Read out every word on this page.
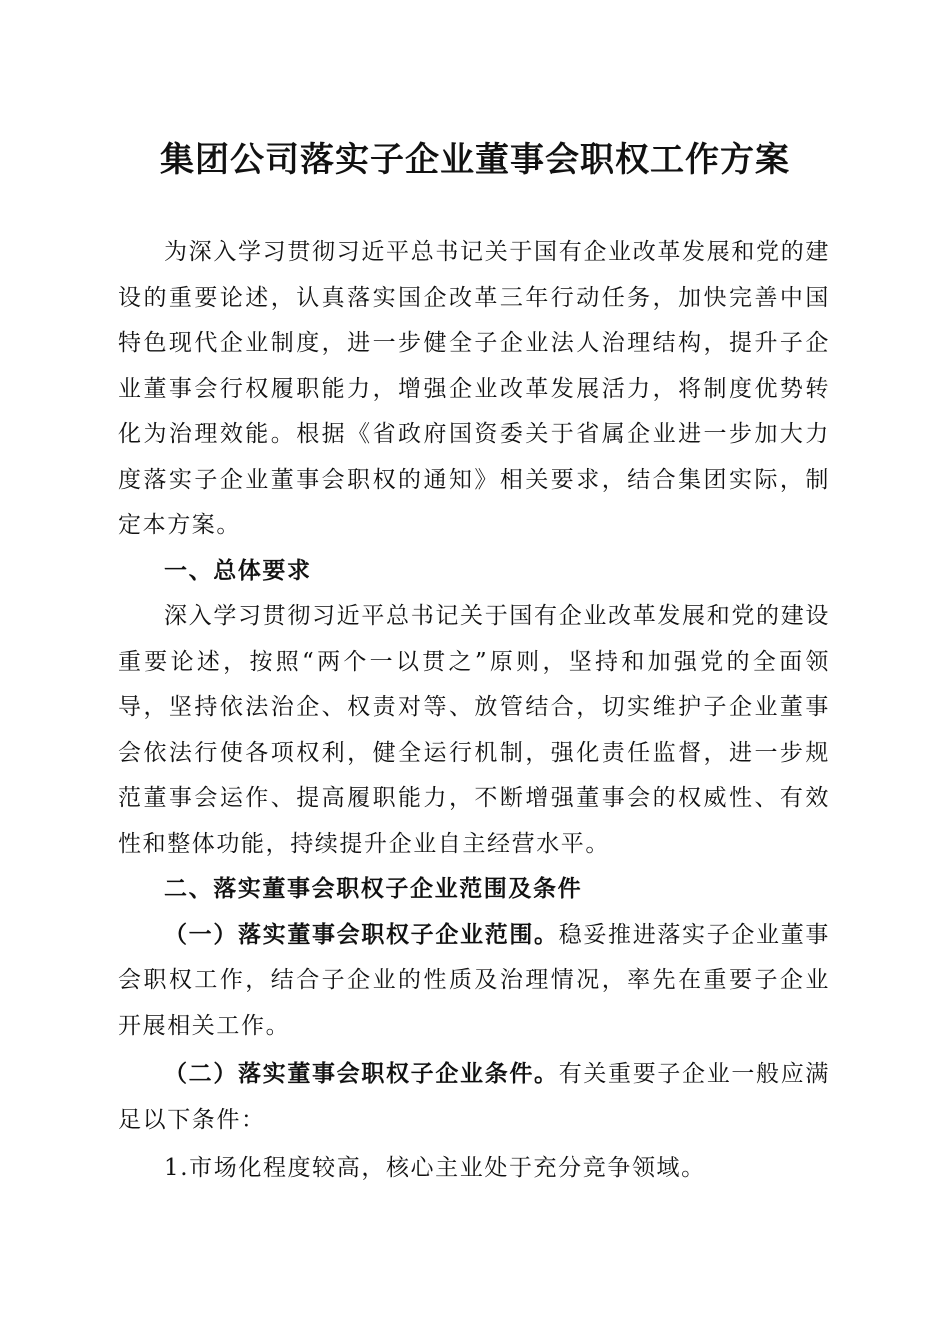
集团公司落实子企业董事会职权工作方案

为深入学习贯彻习近平总书记关于国有企业改革发展和党的建设的重要论述，认真落实国企改革三年行动任务，加快完善中国特色现代企业制度，进一步健全子企业法人治理结构，提升子企业董事会行权履职能力，增强企业改革发展活力，将制度优势转化为治理效能。根据《省政府国资委关于省属企业进一步加大力度落实子企业董事会职权的通知》相关要求，结合集团实际，制定本方案。

一、总体要求

深入学习贯彻习近平总书记关于国有企业改革发展和党的建设重要论述，按照“两个一以贯之”原则，坚持和加强党的全面领导，坚持依法治企、权责对等、放管结合，切实维护子企业董事会依法行使各项权利，健全运行机制，强化责任监督，进一步规范董事会运作、提高履职能力，不断增强董事会的权威性、有效性和整体功能，持续提升企业自主经营水平。

二、落实董事会职权子企业范围及条件

（一）落实董事会职权子企业范围。稳妥推进落实子企业董事会职权工作，结合子企业的性质及治理情况，率先在重要子企业开展相关工作。

（二）落实董事会职权子企业条件。有关重要子企业一般应满足以下条件：

1.市场化程度较高，核心主业处于充分竞争领域。
